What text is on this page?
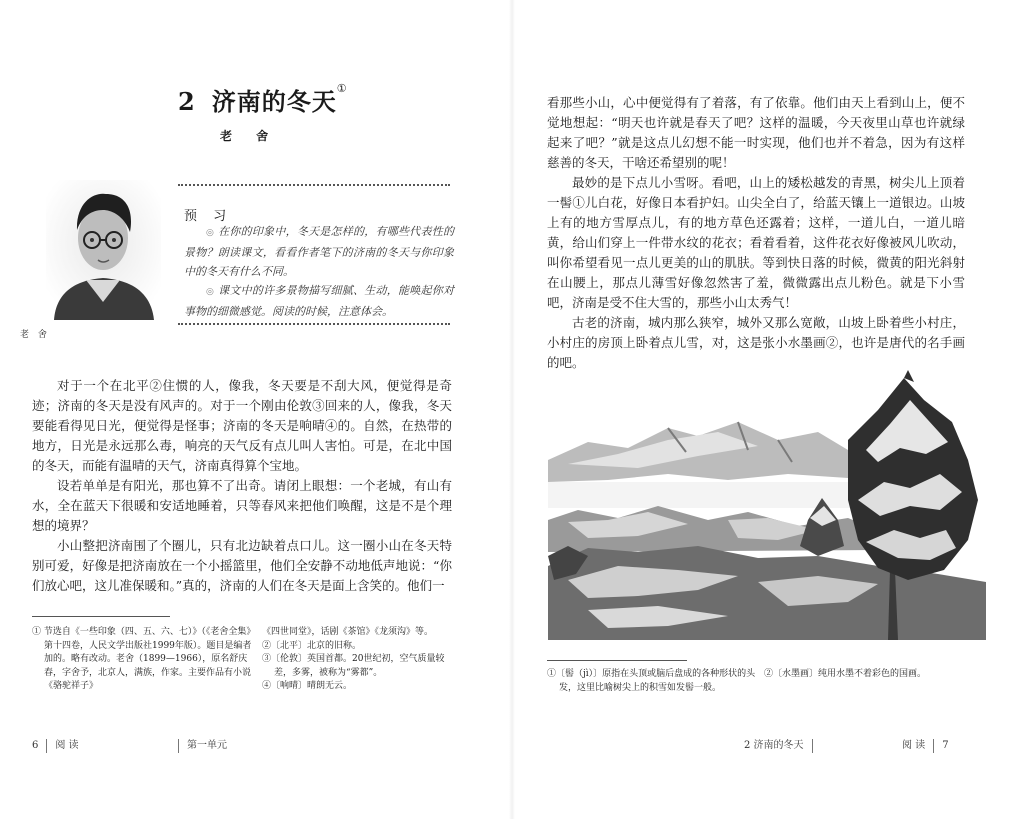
2 济南的冬天①
老 舍
老 舍
预 习

◎ 在你的印象中，冬天是怎样的，有哪些代表性的景物？朗读课文，看看作者笔下的济南的冬天与你印象中的冬天有什么不同。

◎ 课文中的许多景物描写细腻、生动，能唤起你对事物的细微感觉。阅读的时候，注意体会。

对于一个在北平②住惯的人，像我，冬天要是不刮大风，便觉得是奇迹；济南的冬天是没有风声的。对于一个刚由伦敦③回来的人，像我，冬天要能看得见日光，便觉得是怪事；济南的冬天是响晴④的。自然，在热带的地方，日光是永远那么毒，响亮的天气反有点儿叫人害怕。可是，在北中国的冬天，而能有温晴的天气，济南真得算个宝地。

设若单单是有阳光，那也算不了出奇。请闭上眼想：一个老城，有山有水，全在蓝天下很暖和安适地睡着，只等春风来把他们唤醒，这是不是个理想的境界？

小山整把济南围了个圈儿，只有北边缺着点口儿。这一圈小山在冬天特别可爱，好像是把济南放在一个小摇篮里，他们全安静不动地低声地说：“你们放心吧，这儿准保暖和。”真的，济南的人们在冬天是面上含笑的。他们一

① 节选自《一些印象（四、五、六、七）》（《老舍全集》第十四卷，人民文学出版社1999年版）。题目是编者加的。略有改动。老舍（1899—1966），原名舒庆春，字舍予，北京人，满族，作家。主要作品有小说《骆驼祥子》

《四世同堂》，话剧《茶馆》《龙须沟》等。

②〔北平〕北京的旧称。

③〔伦敦〕英国首都。20世纪初，空气质量较差，多雾，被称为“雾都”。

④〔响晴〕晴朗无云。

6 阅 读	第一单元

看那些小山，心中便觉得有了着落，有了依靠。他们由天上看到山上，便不觉地想起：“明天也许就是春天了吧？这样的温暖，今天夜里山草也许就绿起来了吧？”就是这点儿幻想不能一时实现，他们也并不着急，因为有这样慈善的冬天，干啥还希望别的呢！

最妙的是下点儿小雪呀。看吧，山上的矮松越发的青黑，树尖儿上顶着一髻①儿白花，好像日本看护妇。山尖全白了，给蓝天镶上一道银边。山坡上有的地方雪厚点儿，有的地方草色还露着；这样，一道儿白，一道儿暗黄，给山们穿上一件带水纹的花衣；看着看着，这件花衣好像被风儿吹动，叫你希望看见一点儿更美的山的肌肤。等到快日落的时候，微黄的阳光斜射在山腰上，那点儿薄雪好像忽然害了羞，微微露出点儿粉色。就是下小雪吧，济南是受不住大雪的，那些小山太秀气！

古老的济南，城内那么狭窄，城外又那么宽敞，山坡上卧着些小村庄，小村庄的房顶上卧着点儿雪，对，这是张小水墨画②，也许是唐代的名手画的吧。

①〔髻（jì）〕原指在头顶或脑后盘成的各种形状的头发，这里比喻树尖上的积雪如发髻一般。

②〔水墨画〕纯用水墨不着彩色的国画。

2 济南的冬天	阅 读 7
